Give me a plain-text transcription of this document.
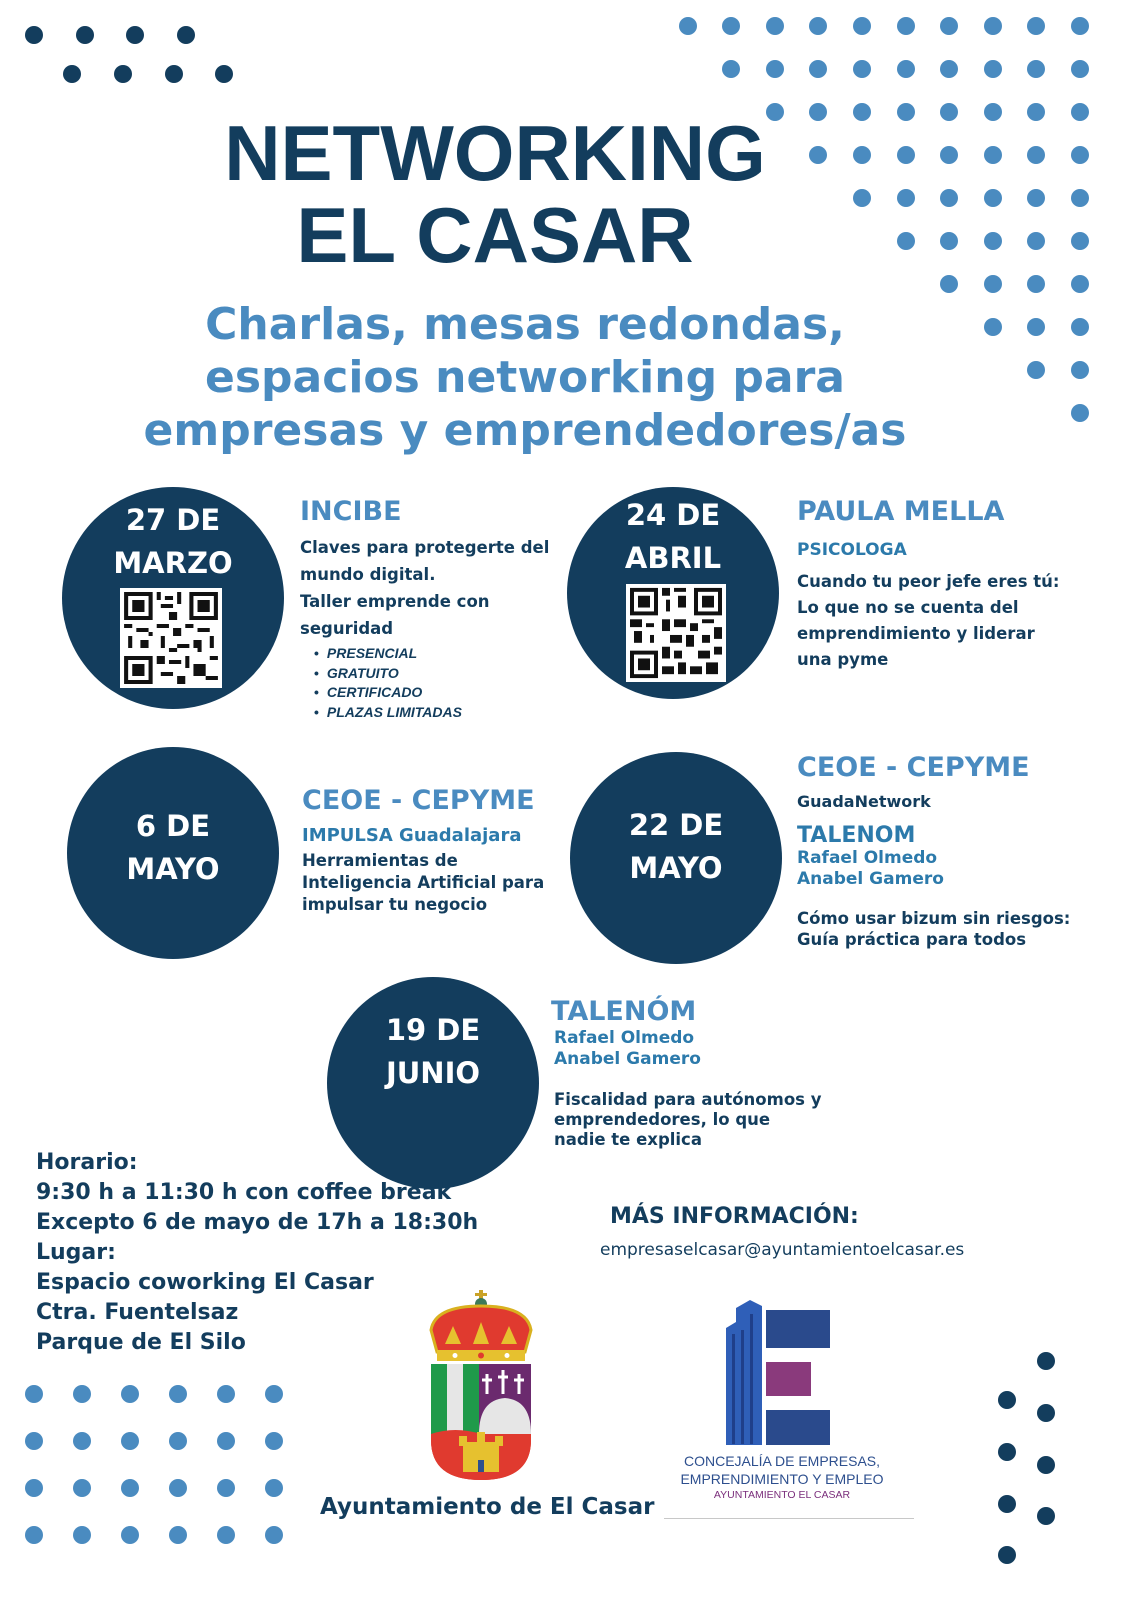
NETWORKING
EL CASAR
Charlas, mesas redondas,
espacios networking para
empresas y emprendedores/as
27 DE
MARZO
INCIBE
Claves para protegerte del
mundo digital.
Taller emprende con
seguridad
• PRESENCIAL
• GRATUITO
• CERTIFICADO
• PLAZAS LIMITADAS
24 DE
ABRIL
PAULA MELLA
PSICOLOGA
Cuando tu peor jefe eres tú:
Lo que no se cuenta del
emprendimiento y liderar
una pyme
6 DE
MAYO
CEOE - CEPYME
IMPULSA Guadalajara
Herramientas de
Inteligencia Artificial para
impulsar tu negocio
22 DE
MAYO
CEOE - CEPYME
GuadaNetwork
TALENOM
Rafael Olmedo
Anabel Gamero
Cómo usar bizum sin riesgos:
Guía práctica para todos
19 DE
JUNIO
TALENÓM
Rafael Olmedo
Anabel Gamero
Fiscalidad para autónomos y
emprendedores, lo que
nadie te explica
Horario:
9:30 h a 11:30 h con coffee break
Excepto 6 de mayo de 17h a 18:30h
Lugar:
Espacio coworking El Casar
Ctra. Fuentelsaz
Parque de El Silo
MÁS INFORMACIÓN:
empresaselcasar@ayuntamientoelcasar.es
Ayuntamiento de El Casar
CONCEJALÍA DE EMPRESAS,
EMPRENDIMIENTO Y EMPLEO
AYUNTAMIENTO EL CASAR
